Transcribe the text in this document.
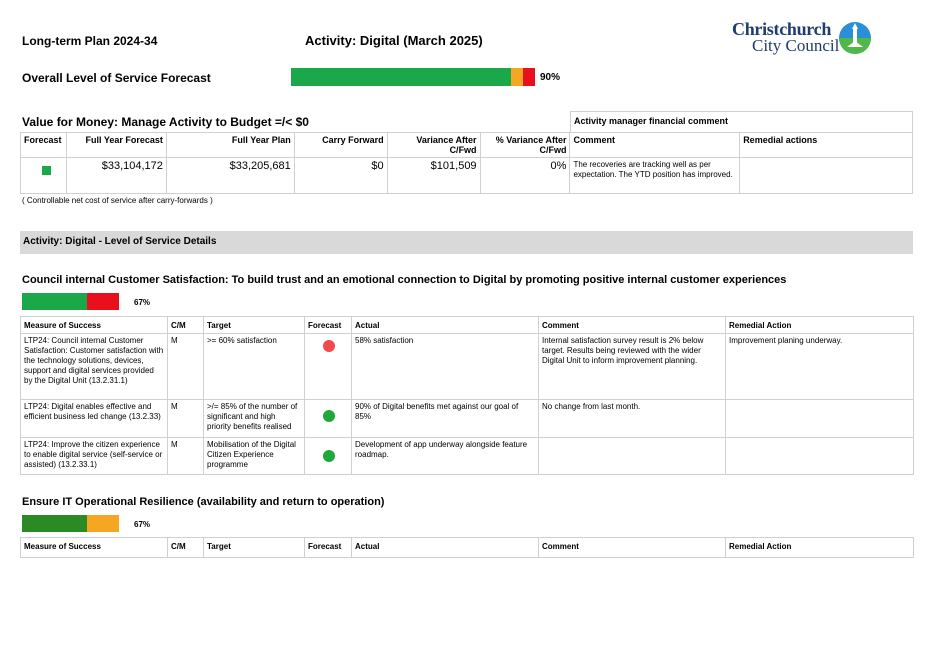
Long-term Plan 2024-34	Activity: Digital (March 2025)
Christchurch
City Council
Overall Level of Service Forecast	90%
Value for Money: Manage Activity to Budget =/< $0	Activity manager financial comment
Forecast	Full Year Forecast	Full Year Plan	Carry Forward	Variance After C/Fwd	% Variance After C/Fwd	Comment	Remedial actions

	$33,104,172	$33,205,681	$0	$101,509	0%	The recoveries are tracking well as per expectation. The YTD position has improved.	
( Controllable net cost of service after carry-forwards )
Activity: Digital - Level of Service Details
Council internal Customer Satisfaction: To build trust and an emotional connection to Digital by promoting positive internal customer experiences
67%
Measure of Success	C/M	Target	Forecast	Actual	Comment	Remedial Action
LTP24: Council internal Customer Satisfaction: Customer satisfaction with the technology solutions, devices, support and digital services provided by the Digital Unit (13.2.31.1)	M	>= 60% satisfaction		58% satisfaction	Internal satisfaction survey result is 2% below target. Results being reviewed with the wider Digital Unit to inform improvement planning.	Improvement planing underway.
LTP24: Digital enables effective and efficient business led change (13.2.33)	M	>/= 85% of the number of significant and high priority benefits realised		90% of Digital benefits met against our goal of 85%	No change from last month.	
LTP24: Improve the citizen experience to enable digital service (self-service or assisted) (13.2.33.1)	M	Mobilisation of the Digital Citizen Experience programme		Development of app underway alongside feature roadmap.		
Ensure IT Operational Resilience (availability and return to operation)
67%
Measure of Success	C/M	Target	Forecast	Actual	Comment	Remedial Action
